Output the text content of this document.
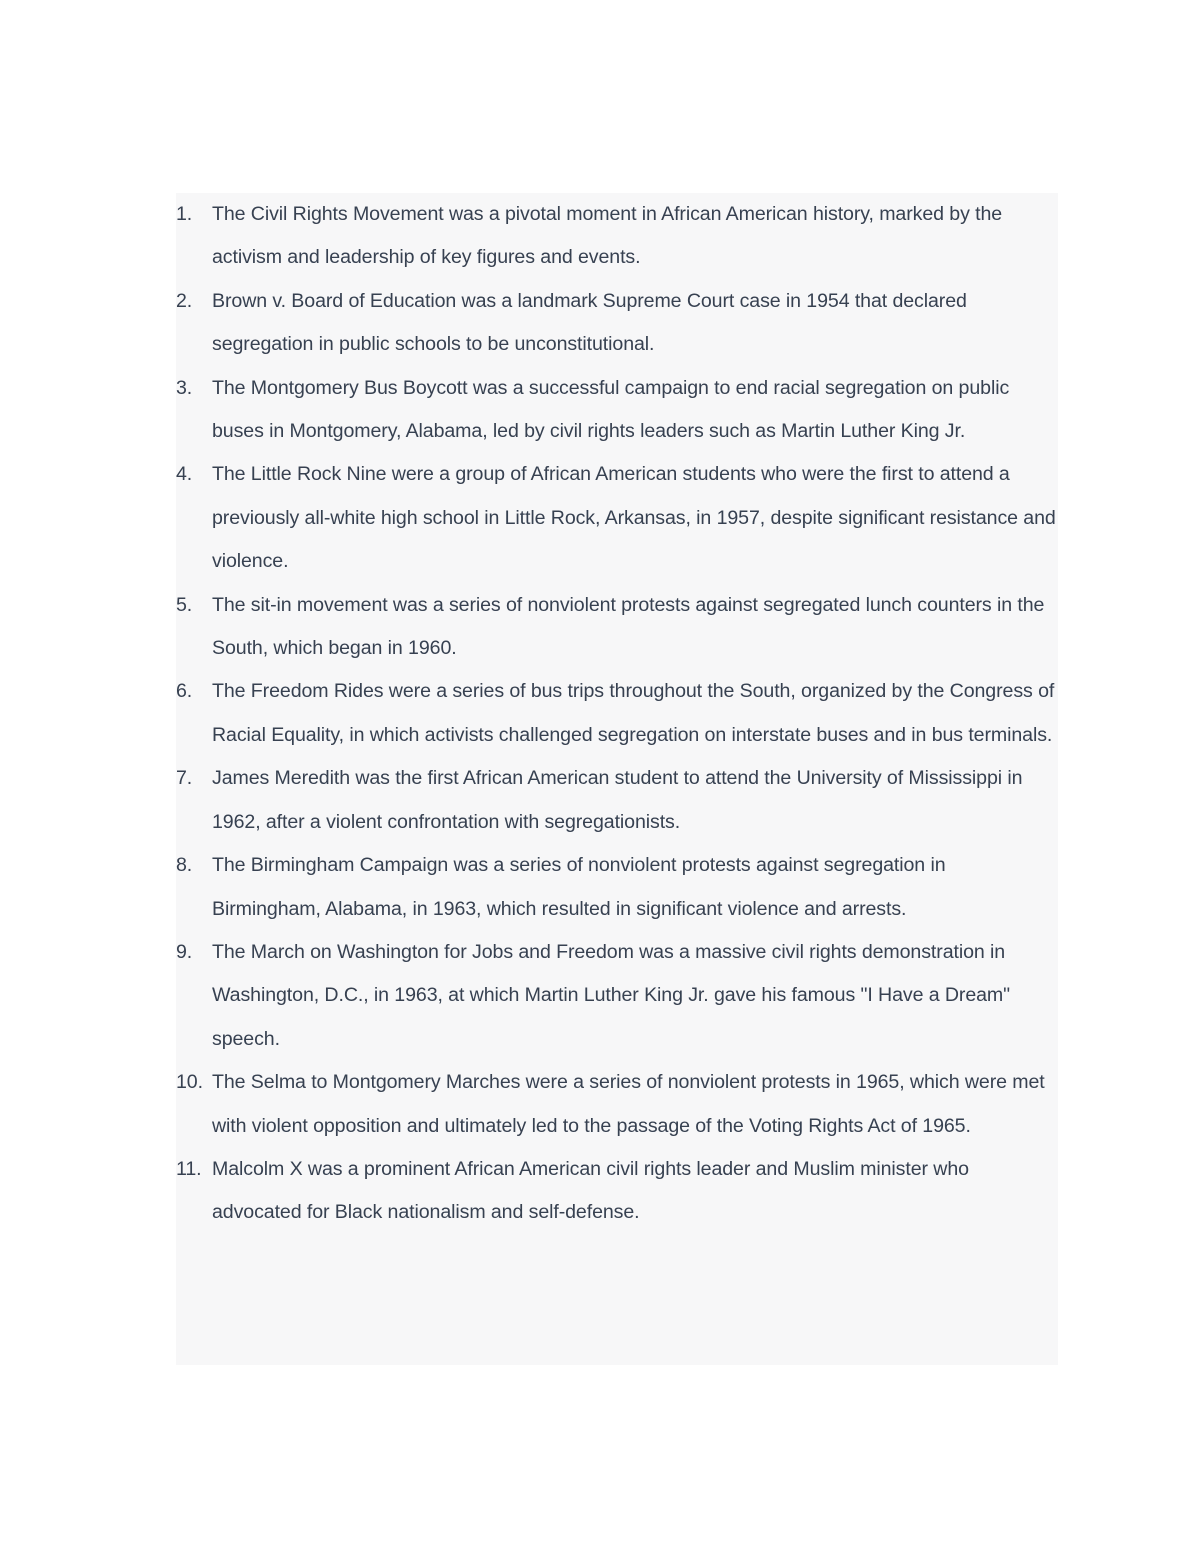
1.	The Civil Rights Movement was a pivotal moment in African American history, marked by the activism and leadership of key figures and events.
2.	Brown v. Board of Education was a landmark Supreme Court case in 1954 that declared segregation in public schools to be unconstitutional.
3.	The Montgomery Bus Boycott was a successful campaign to end racial segregation on public buses in Montgomery, Alabama, led by civil rights leaders such as Martin Luther King Jr.
4.	The Little Rock Nine were a group of African American students who were the first to attend a previously all-white high school in Little Rock, Arkansas, in 1957, despite significant resistance and violence.
5.	The sit-in movement was a series of nonviolent protests against segregated lunch counters in the South, which began in 1960.
6.	The Freedom Rides were a series of bus trips throughout the South, organized by the Congress of Racial Equality, in which activists challenged segregation on interstate buses and in bus terminals.
7.	James Meredith was the first African American student to attend the University of Mississippi in 1962, after a violent confrontation with segregationists.
8.	The Birmingham Campaign was a series of nonviolent protests against segregation in Birmingham, Alabama, in 1963, which resulted in significant violence and arrests.
9.	The March on Washington for Jobs and Freedom was a massive civil rights demonstration in Washington, D.C., in 1963, at which Martin Luther King Jr. gave his famous "I Have a Dream" speech.
10. The Selma to Montgomery Marches were a series of nonviolent protests in 1965, which were met with violent opposition and ultimately led to the passage of the Voting Rights Act of 1965.
11. Malcolm X was a prominent African American civil rights leader and Muslim minister who advocated for Black nationalism and self-defense.
